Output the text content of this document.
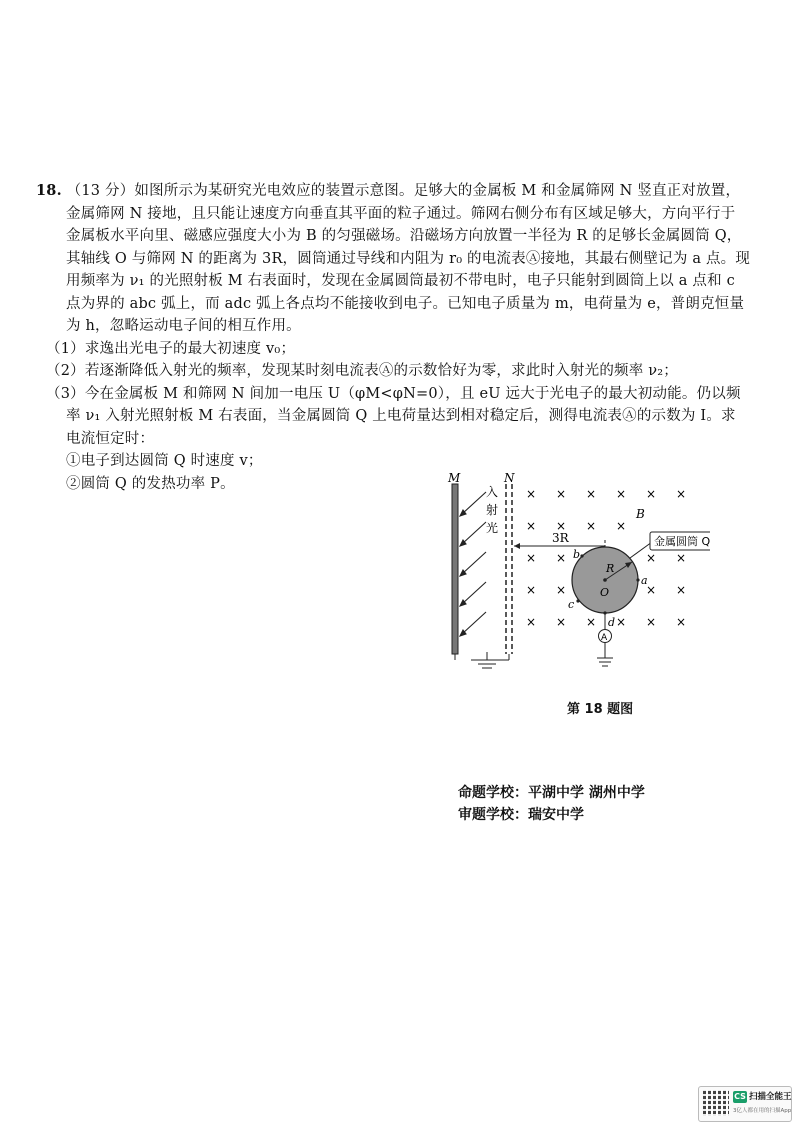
18. （13 分）如图所示为某研究光电效应的装置示意图。足够大的金属板 M 和金属筛网 N 竖直正对放置，
金属筛网 N 接地，且只能让速度方向垂直其平面的粒子通过。筛网右侧分布有区域足够大，方向平行于
金属板水平向里、磁感应强度大小为 B 的匀强磁场。沿磁场方向放置一半径为 R 的足够长金属圆筒 Q，
其轴线 O 与筛网 N 的距离为 3R，圆筒通过导线和内阻为 r₀ 的电流表Ⓐ接地，其最右侧壁记为 a 点。现
用频率为 ν₁ 的光照射板 M 右表面时，发现在金属圆筒最初不带电时，电子只能射到圆筒上以 a 点和 c
点为界的 abc 弧上，而 adc 弧上各点均不能接收到电子。已知电子质量为 m，电荷量为 e，普朗克恒量
为 h，忽略运动电子间的相互作用。
（1）求逸出光电子的最大初速度 v₀；
（2）若逐渐降低入射光的频率，发现某时刻电流表Ⓐ的示数恰好为零，求此时入射光的频率 ν₂；
（3）今在金属板 M 和筛网 N 间加一电压 U（φM<φN=0），且 eU 远大于光电子的最大初动能。仍以频
率 ν₁ 入射光照射板 M 右表面，当金属圆筒 Q 上电荷量达到相对稳定后，测得电流表Ⓐ的示数为 I。求
电流恒定时：
①电子到达圆筒 Q 时速度 v；
②圆筒 Q 的发热功率 P。	M
入
射
光
N
3R
× × × × × ×
× × × ×
× ×	× ×
× ×	× ×
× × × × × ×
B
R
O
金属圆筒 Q
a
b
c
d
A
第 18 题图
命题学校：平湖中学 湖州中学
审题学校：瑞安中学
CS 扫描全能王
3亿人都在用的扫描App
